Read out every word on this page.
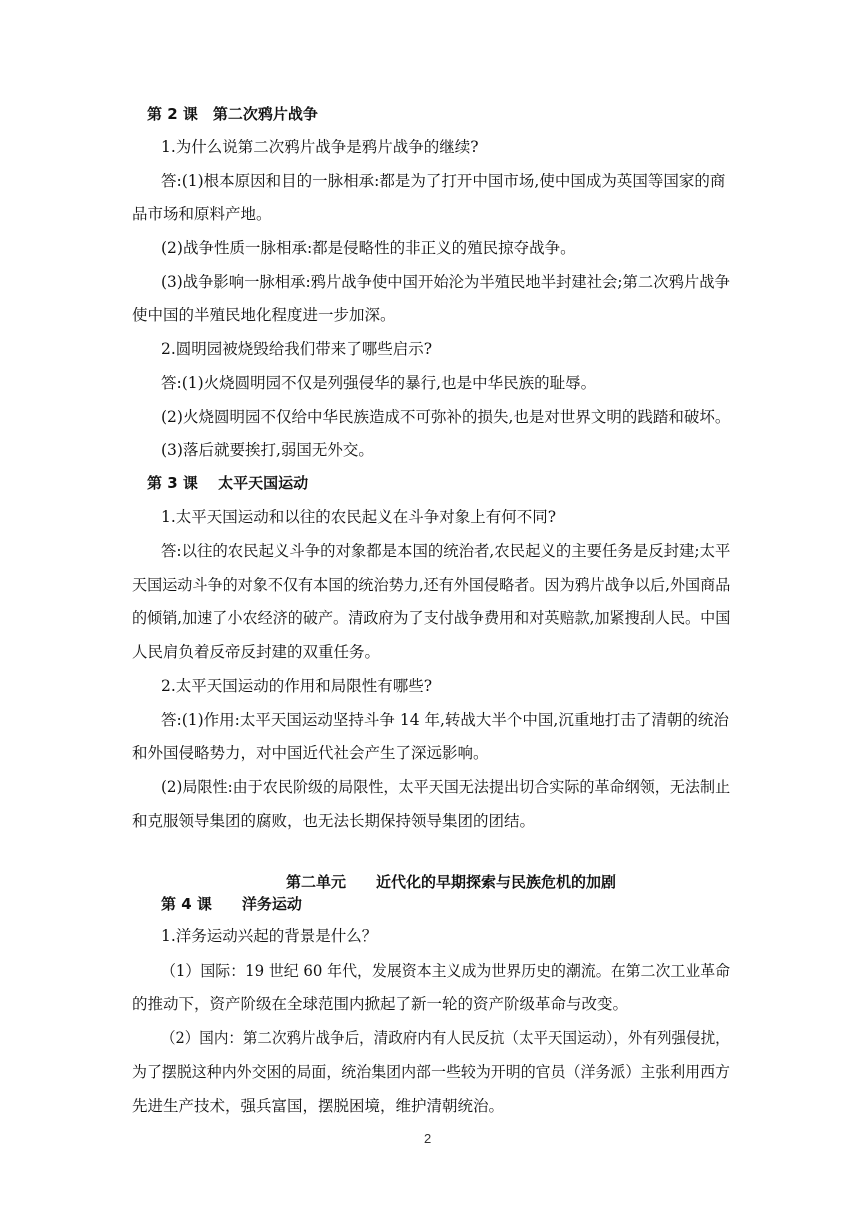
第 2 课　第二次鸦片战争
1.为什么说第二次鸦片战争是鸦片战争的继续?
答:(1)根本原因和目的一脉相承:都是为了打开中国市场,使中国成为英国等国家的商
品市场和原料产地。
(2)战争性质一脉相承:都是侵略性的非正义的殖民掠夺战争。
(3)战争影响一脉相承:鸦片战争使中国开始沦为半殖民地半封建社会;第二次鸦片战争
使中国的半殖民地化程度进一步加深。
2.圆明园被烧毁给我们带来了哪些启示?
答:(1)火烧圆明园不仅是列强侵华的暴行,也是中华民族的耻辱。
(2)火烧圆明园不仅给中华民族造成不可弥补的损失,也是对世界文明的践踏和破坏。
(3)落后就要挨打,弱国无外交。
第 3 课　 太平天国运动
1.太平天国运动和以往的农民起义在斗争对象上有何不同?
答:以往的农民起义斗争的对象都是本国的统治者,农民起义的主要任务是反封建;太平
天国运动斗争的对象不仅有本国的统治势力,还有外国侵略者。因为鸦片战争以后,外国商品
的倾销,加速了小农经济的破产。清政府为了支付战争费用和对英赔款,加紧搜刮人民。中国
人民肩负着反帝反封建的双重任务。
2.太平天国运动的作用和局限性有哪些?
答:(1)作用:太平天国运动坚持斗争 14 年,转战大半个中国,沉重地打击了清朝的统治
和外国侵略势力，对中国近代社会产生了深远影响。
(2)局限性:由于农民阶级的局限性，太平天国无法提出切合实际的革命纲领，无法制止
和克服领导集团的腐败，也无法长期保持领导集团的团结。
第二单元　　近代化的早期探索与民族危机的加剧
第 4 课　　洋务运动
1.洋务运动兴起的背景是什么？
（1）国际：19 世纪 60 年代，发展资本主义成为世界历史的潮流。在第二次工业革命
的推动下，资产阶级在全球范围内掀起了新一轮的资产阶级革命与改变。
（2）国内：第二次鸦片战争后，清政府内有人民反抗（太平天国运动），外有列强侵扰，
为了摆脱这种内外交困的局面，统治集团内部一些较为开明的官员（洋务派）主张利用西方
先进生产技术，强兵富国，摆脱困境，维护清朝统治。
2
